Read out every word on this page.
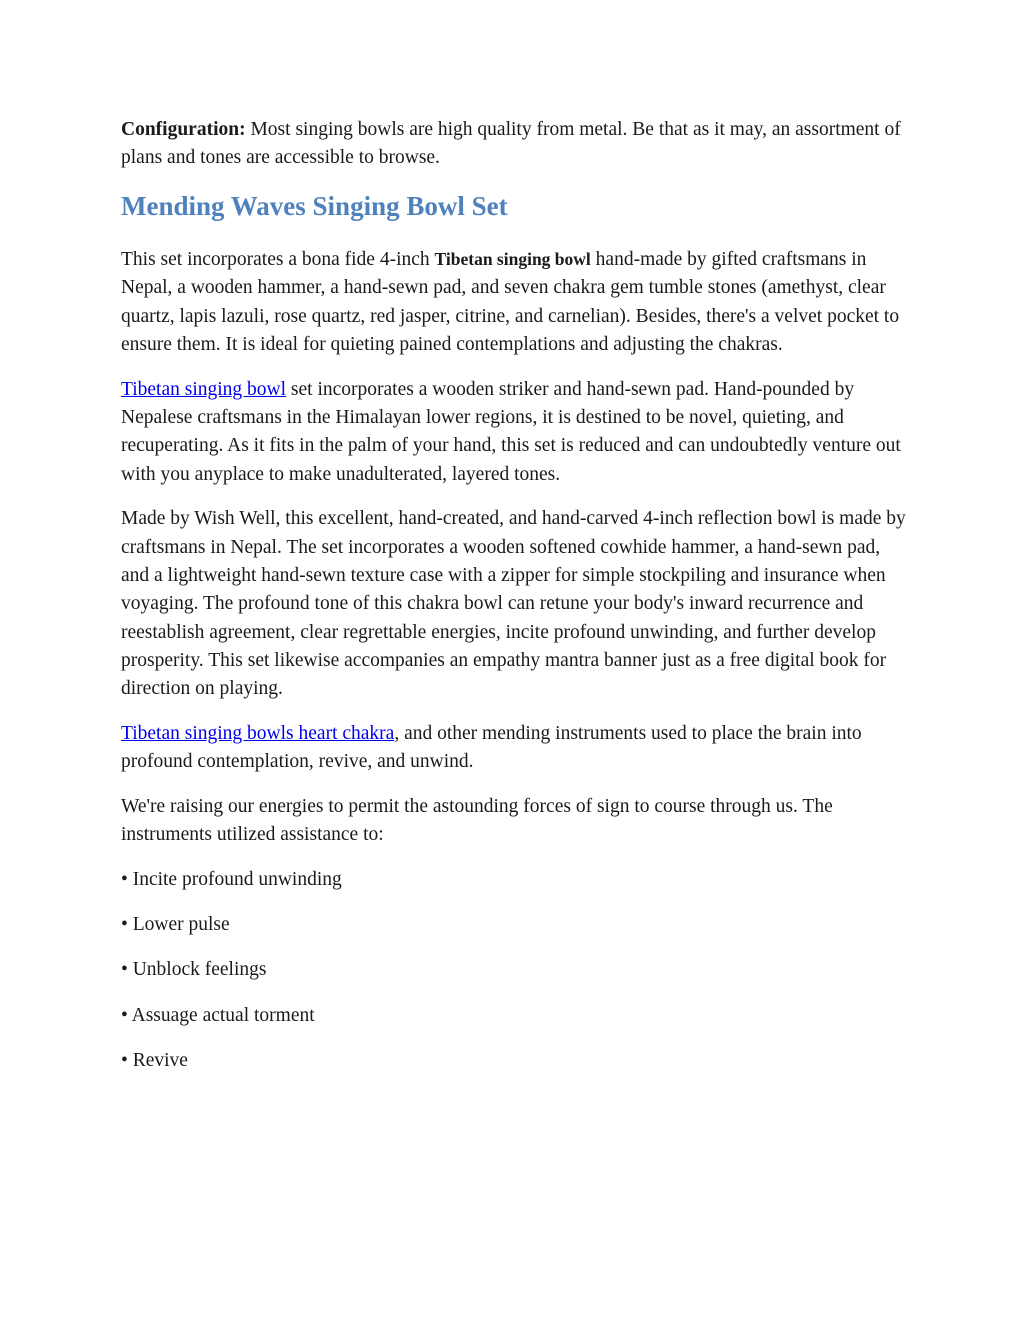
Configuration: Most singing bowls are high quality from metal. Be that as it may, an assortment of plans and tones are accessible to browse.

Mending Waves Singing Bowl Set

This set incorporates a bona fide 4-inch Tibetan singing bowl hand-made by gifted craftsmans in Nepal, a wooden hammer, a hand-sewn pad, and seven chakra gem tumble stones (amethyst, clear quartz, lapis lazuli, rose quartz, red jasper, citrine, and carnelian). Besides, there's a velvet pocket to ensure them. It is ideal for quieting pained contemplations and adjusting the chakras.

Tibetan singing bowl set incorporates a wooden striker and hand-sewn pad. Hand-pounded by Nepalese craftsmans in the Himalayan lower regions, it is destined to be novel, quieting, and recuperating. As it fits in the palm of your hand, this set is reduced and can undoubtedly venture out with you anyplace to make unadulterated, layered tones.

Made by Wish Well, this excellent, hand-created, and hand-carved 4-inch reflection bowl is made by craftsmans in Nepal. The set incorporates a wooden softened cowhide hammer, a hand-sewn pad, and a lightweight hand-sewn texture case with a zipper for simple stockpiling and insurance when voyaging. The profound tone of this chakra bowl can retune your body's inward recurrence and reestablish agreement, clear regrettable energies, incite profound unwinding, and further develop prosperity. This set likewise accompanies an empathy mantra banner just as a free digital book for direction on playing.

Tibetan singing bowls heart chakra, and other mending instruments used to place the brain into profound contemplation, revive, and unwind.

We're raising our energies to permit the astounding forces of sign to course through us. The instruments utilized assistance to:

• Incite profound unwinding

• Lower pulse

• Unblock feelings

• Assuage actual torment

• Revive
